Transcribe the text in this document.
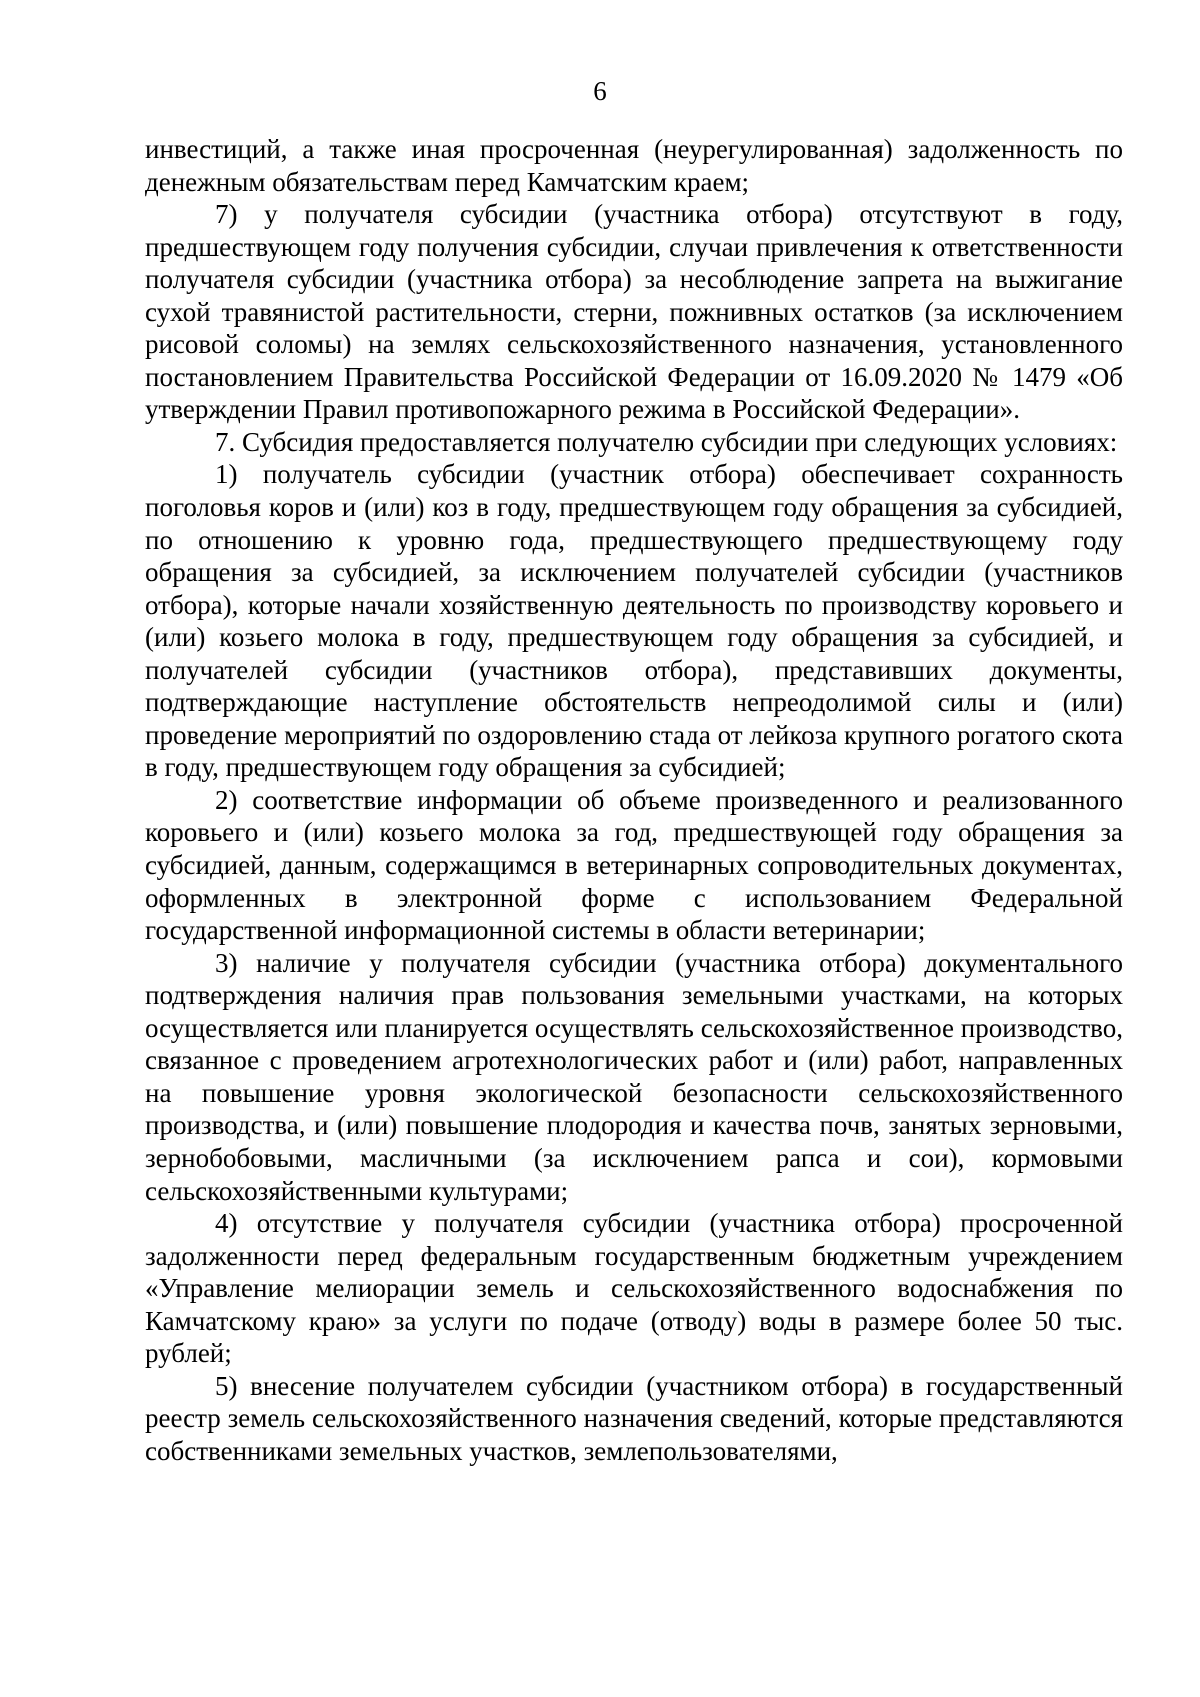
6

инвестиций, а также иная просроченная (неурегулированная) задолженность по денежным обязательствам перед Камчатским краем;

7) у получателя субсидии (участника отбора) отсутствуют в году, предшествующем году получения субсидии, случаи привлечения к ответственности получателя субсидии (участника отбора) за несоблюдение запрета на выжигание сухой травянистой растительности, стерни, пожнивных остатков (за исключением рисовой соломы) на землях сельскохозяйственного назначения, установленного постановлением Правительства Российской Федерации от 16.09.2020 № 1479 «Об утверждении Правил противопожарного режима в Российской Федерации».

7. Субсидия предоставляется получателю субсидии при следующих условиях:

1) получатель субсидии (участник отбора) обеспечивает сохранность поголовья коров и (или) коз в году, предшествующем году обращения за субсидией, по отношению к уровню года, предшествующего предшествующему году обращения за субсидией, за исключением получателей субсидии (участников отбора), которые начали хозяйственную деятельность по производству коровьего и (или) козьего молока в году, предшествующем году обращения за субсидией, и получателей субсидии (участников отбора), представивших документы, подтверждающие наступление обстоятельств непреодолимой силы и (или) проведение мероприятий по оздоровлению стада от лейкоза крупного рогатого скота в году, предшествующем году обращения за субсидией;

2) соответствие информации об объеме произведенного и реализованного коровьего и (или) козьего молока за год, предшествующей году обращения за субсидией, данным, содержащимся в ветеринарных сопроводительных документах, оформленных в электронной форме с использованием Федеральной государственной информационной системы в области ветеринарии;

3) наличие у получателя субсидии (участника отбора) документального подтверждения наличия прав пользования земельными участками, на которых осуществляется или планируется осуществлять сельскохозяйственное производство, связанное с проведением агротехнологических работ и (или) работ, направленных на повышение уровня экологической безопасности сельскохозяйственного производства, и (или) повышение плодородия и качества почв, занятых зерновыми, зернобобовыми, масличными (за исключением рапса и сои), кормовыми сельскохозяйственными культурами;

4) отсутствие у получателя субсидии (участника отбора) просроченной задолженности перед федеральным государственным бюджетным учреждением «Управление мелиорации земель и сельскохозяйственного водоснабжения по Камчатскому краю» за услуги по подаче (отводу) воды в размере более 50 тыс. рублей;

5) внесение получателем субсидии (участником отбора) в государственный реестр земель сельскохозяйственного назначения сведений, которые представляются собственниками земельных участков, землепользователями,
